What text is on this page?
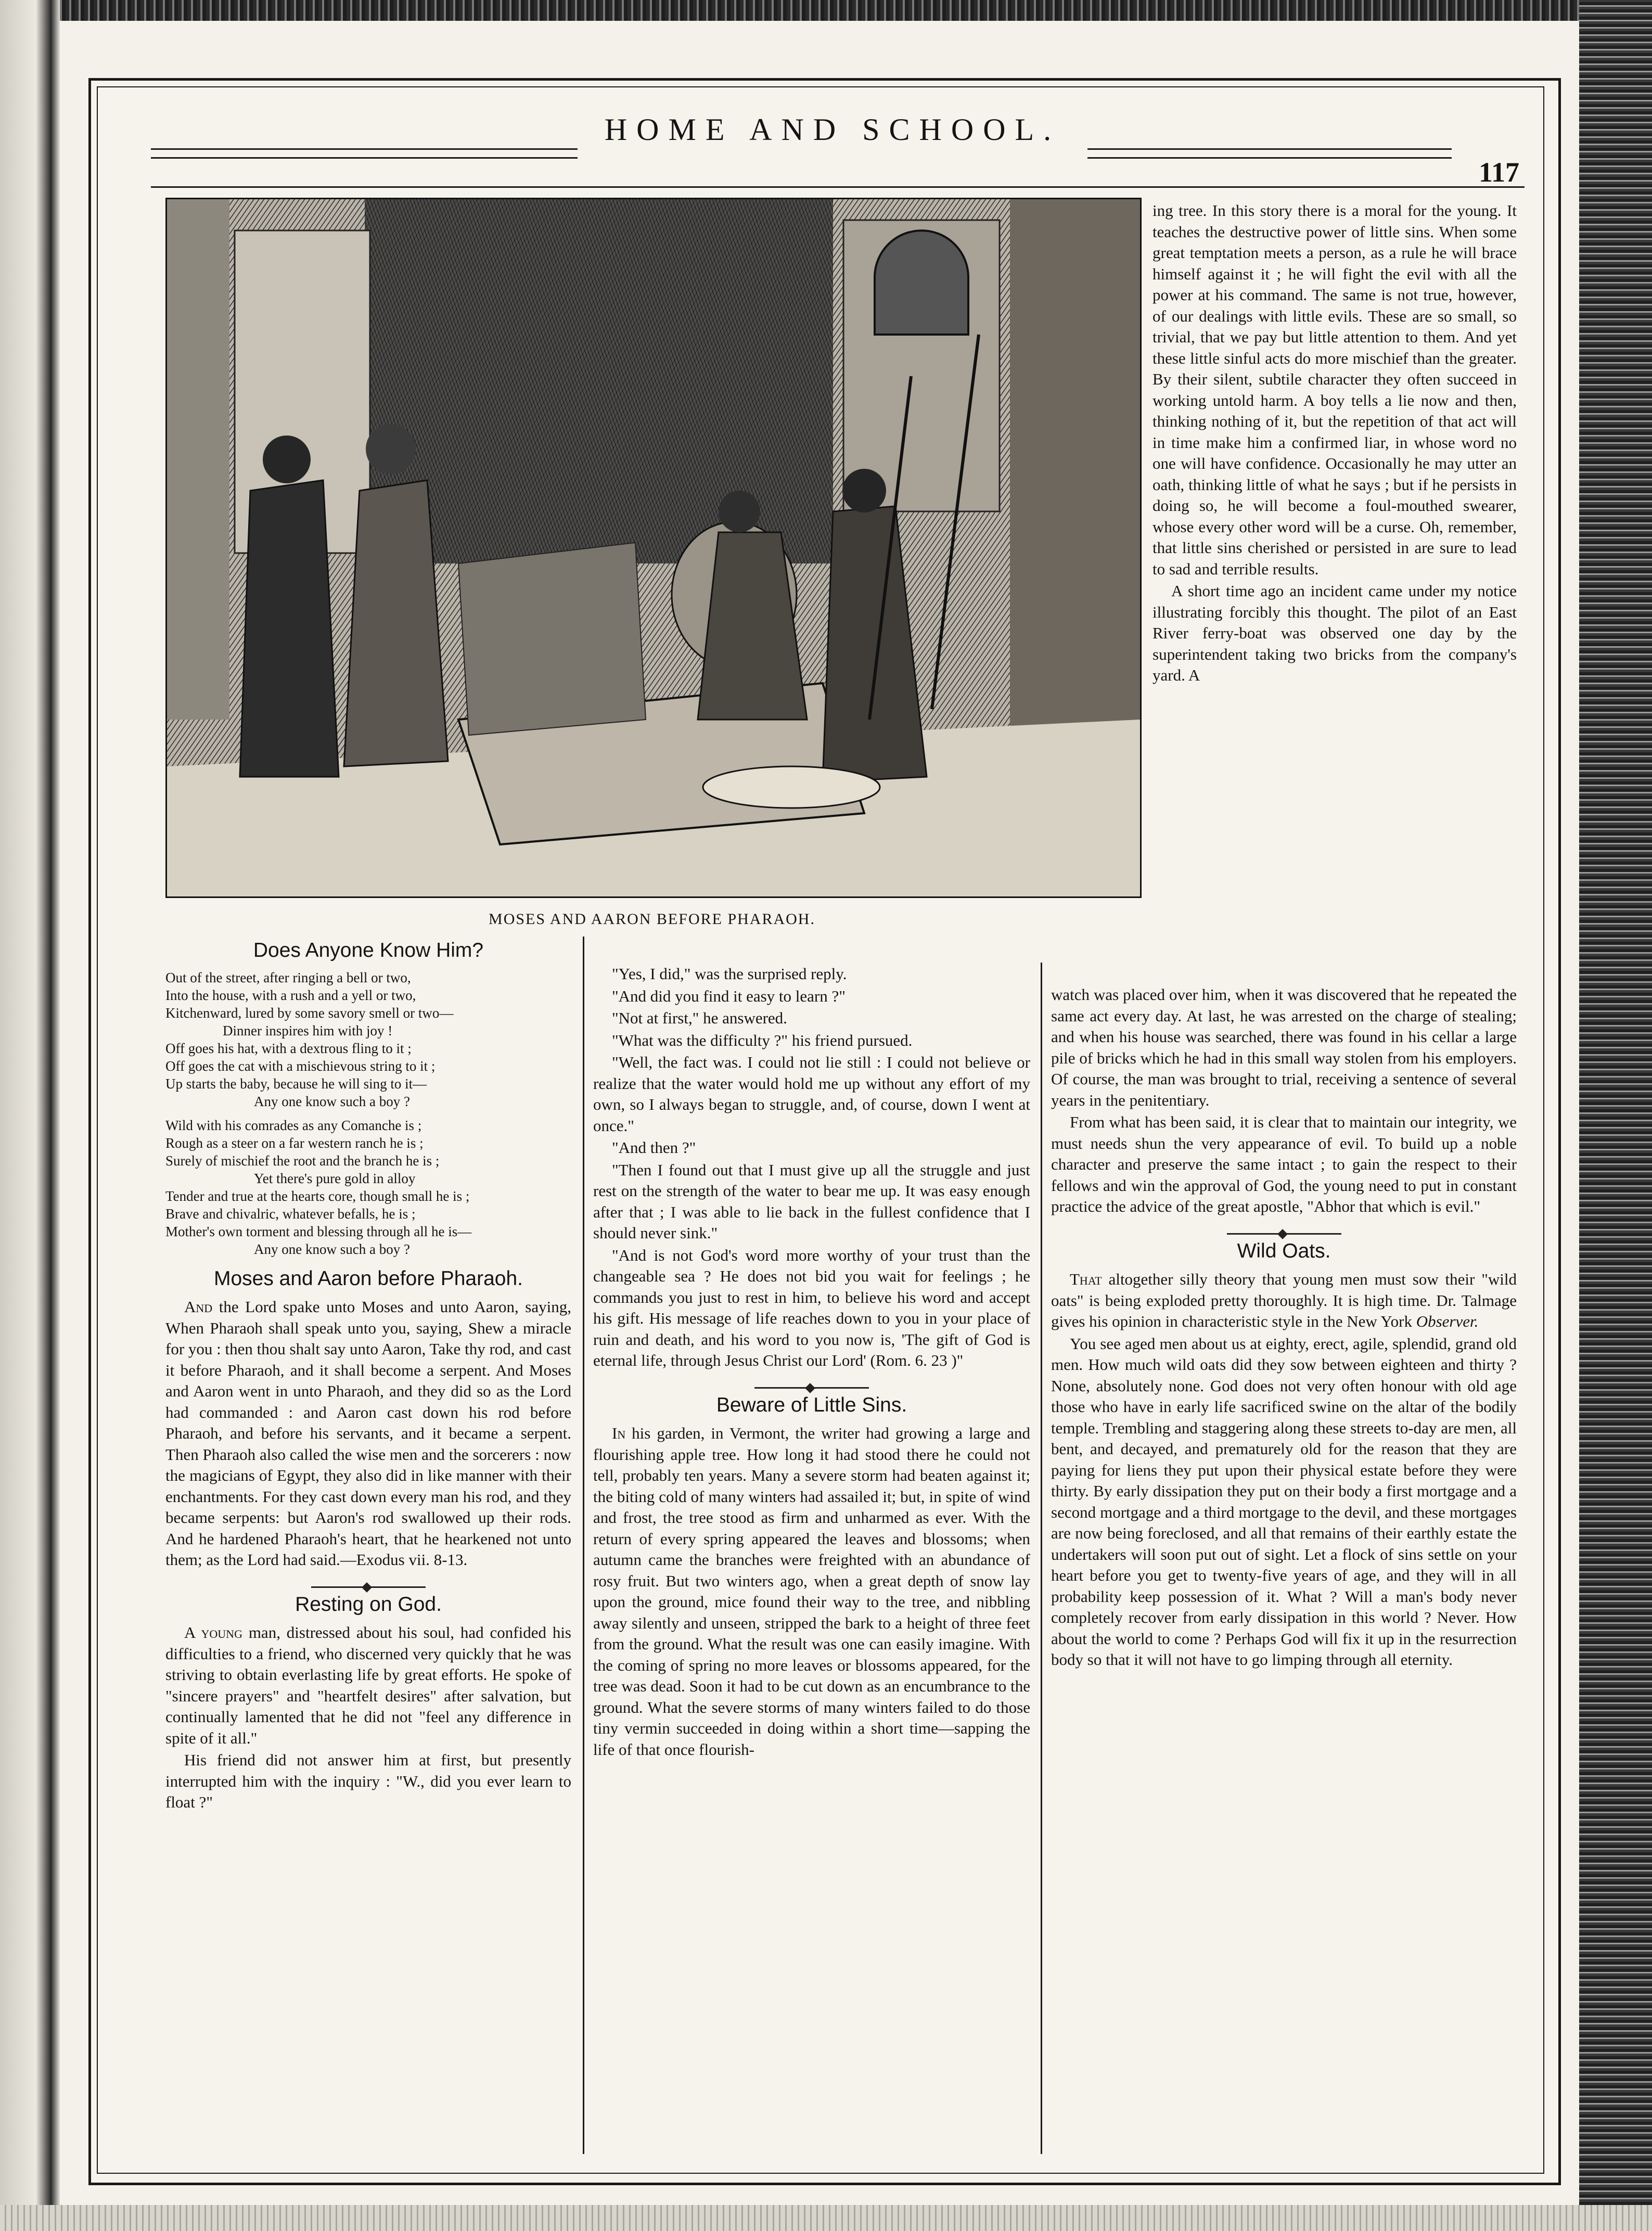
HOME AND SCHOOL.
117
MOSES AND AARON BEFORE PHARAOH.

ing tree. In this story there is a moral for the young. It teaches the destructive power of little sins. When some great temptation meets a person, as a rule he will brace himself against it ; he will fight the evil with all the power at his command. The same is not true, however, of our dealings with little evils. These are so small, so trivial, that we pay but little attention to them. And yet these little sinful acts do more mischief than the greater. By their silent, subtile character they often succeed in working untold harm. A boy tells a lie now and then, thinking nothing of it, but the repetition of that act will in time make him a confirmed liar, in whose word no one will have confidence. Occasionally he may utter an oath, thinking little of what he says ; but if he persists in doing so, he will become a foul-mouthed swearer, whose every other word will be a curse. Oh, remember, that little sins cherished or persisted in are sure to lead to sad and terrible results.

A short time ago an incident came under my notice illustrating forcibly this thought. The pilot of an East River ferry-boat was observed one day by the superintendent taking two bricks from the company's yard. A

Does Anyone Know Him?
Out of the street, after ringing a bell or two,
Into the house, with a rush and a yell or two,
Kitchenward, lured by some savory smell or two—
Dinner inspires him with joy !
Off goes his hat, with a dextrous fling to it ;
Off goes the cat with a mischievous string to it ;
Up starts the baby, because he will sing to it—
Any one know such a boy ?
Wild with his comrades as any Comanche is ;
Rough as a steer on a far western ranch he is ;
Surely of mischief the root and the branch he is ;
Yet there's pure gold in alloy
Tender and true at the hearts core, though small he is ;
Brave and chivalric, whatever befalls, he is ;
Mother's own torment and blessing through all he is—
Any one know such a boy ?
Moses and Aaron before Pharaoh.

And the Lord spake unto Moses and unto Aaron, saying, When Pharaoh shall speak unto you, saying, Shew a miracle for you : then thou shalt say unto Aaron, Take thy rod, and cast it before Pharaoh, and it shall become a serpent. And Moses and Aaron went in unto Pharaoh, and they did so as the Lord had commanded : and Aaron cast down his rod before Pharaoh, and before his servants, and it became a serpent. Then Pharaoh also called the wise men and the sorcerers : now the magicians of Egypt, they also did in like manner with their enchantments. For they cast down every man his rod, and they became serpents: but Aaron's rod swallowed up their rods. And he hardened Pharaoh's heart, that he hearkened not unto them; as the Lord had said.—Exodus vii. 8-13.

Resting on God.

A young man, distressed about his soul, had confided his difficulties to a friend, who discerned very quickly that he was striving to obtain everlasting life by great efforts. He spoke of "sincere prayers" and "heartfelt desires" after salvation, but continually lamented that he did not "feel any difference in spite of it all."

His friend did not answer him at first, but presently interrupted him with the inquiry : "W., did you ever learn to float ?"

"Yes, I did," was the surprised reply.

"And did you find it easy to learn ?"

"Not at first," he answered.

"What was the difficulty ?" his friend pursued.

"Well, the fact was. I could not lie still : I could not believe or realize that the water would hold me up without any effort of my own, so I always began to struggle, and, of course, down I went at once."

"And then ?"

"Then I found out that I must give up all the struggle and just rest on the strength of the water to bear me up. It was easy enough after that ; I was able to lie back in the fullest confidence that I should never sink."

"And is not God's word more worthy of your trust than the changeable sea ? He does not bid you wait for feelings ; he commands you just to rest in him, to believe his word and accept his gift. His message of life reaches down to you in your place of ruin and death, and his word to you now is, 'The gift of God is eternal life, through Jesus Christ our Lord' (Rom. 6. 23 )"

Beware of Little Sins.

In his garden, in Vermont, the writer had growing a large and flourishing apple tree. How long it had stood there he could not tell, probably ten years. Many a severe storm had beaten against it; the biting cold of many winters had assailed it; but, in spite of wind and frost, the tree stood as firm and unharmed as ever. With the return of every spring appeared the leaves and blossoms; when autumn came the branches were freighted with an abundance of rosy fruit. But two winters ago, when a great depth of snow lay upon the ground, mice found their way to the tree, and nibbling away silently and unseen, stripped the bark to a height of three feet from the ground. What the result was one can easily imagine. With the coming of spring no more leaves or blossoms appeared, for the tree was dead. Soon it had to be cut down as an encumbrance to the ground. What the severe storms of many winters failed to do those tiny vermin succeeded in doing within a short time—sapping the life of that once flourish-

watch was placed over him, when it was discovered that he repeated the same act every day. At last, he was arrested on the charge of stealing; and when his house was searched, there was found in his cellar a large pile of bricks which he had in this small way stolen from his employers. Of course, the man was brought to trial, receiving a sentence of several years in the penitentiary.

From what has been said, it is clear that to maintain our integrity, we must needs shun the very appearance of evil. To build up a noble character and preserve the same intact ; to gain the respect to their fellows and win the approval of God, the young need to put in constant practice the advice of the great apostle, "Abhor that which is evil."

Wild Oats.

That altogether silly theory that young men must sow their "wild oats" is being exploded pretty thoroughly. It is high time. Dr. Talmage gives his opinion in characteristic style in the New York Observer.

You see aged men about us at eighty, erect, agile, splendid, grand old men. How much wild oats did they sow between eighteen and thirty ? None, absolutely none. God does not very often honour with old age those who have in early life sacrificed swine on the altar of the bodily temple. Trembling and staggering along these streets to-day are men, all bent, and decayed, and prematurely old for the reason that they are paying for liens they put upon their physical estate before they were thirty. By early dissipation they put on their body a first mortgage and a second mortgage and a third mortgage to the devil, and these mortgages are now being foreclosed, and all that remains of their earthly estate the undertakers will soon put out of sight. Let a flock of sins settle on your heart before you get to twenty-five years of age, and they will in all probability keep possession of it. What ? Will a man's body never completely recover from early dissipation in this world ? Never. How about the world to come ? Perhaps God will fix it up in the resurrection body so that it will not have to go limping through all eternity.
